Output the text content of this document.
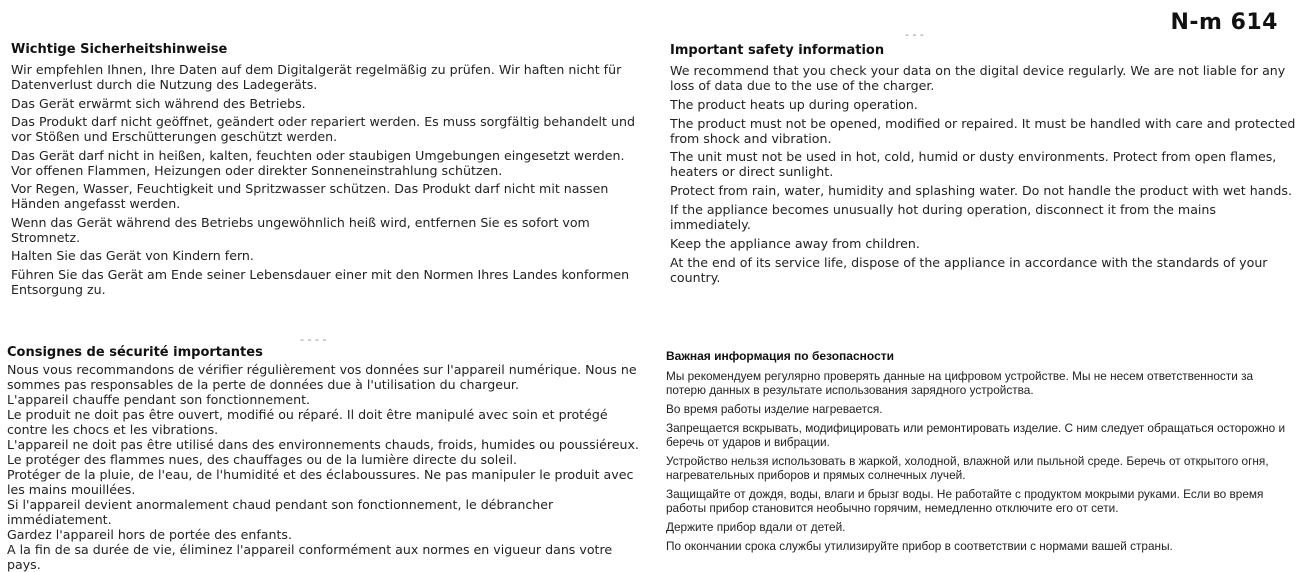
N-m 614
- - -
- - - -
Wichtige Sicherheitshinweise

Wir empfehlen Ihnen, Ihre Daten auf dem Digitalgerät regelmäßig zu prüfen. Wir haften nicht für Datenverlust durch die Nutzung des Ladegeräts.

Das Gerät erwärmt sich während des Betriebs.

Das Produkt darf nicht geöffnet, geändert oder repariert werden. Es muss sorgfältig behandelt und vor Stößen und Erschütterungen geschützt werden.

Das Gerät darf nicht in heißen, kalten, feuchten oder staubigen Umgebungen eingesetzt werden. Vor offenen Flammen, Heizungen oder direkter Sonneneinstrahlung schützen.

Vor Regen, Wasser, Feuchtigkeit und Spritzwasser schützen. Das Produkt darf nicht mit nassen Händen angefasst werden.

Wenn das Gerät während des Betriebs ungewöhnlich heiß wird, entfernen Sie es sofort vom Stromnetz.

Halten Sie das Gerät von Kindern fern.

Führen Sie das Gerät am Ende seiner Lebensdauer einer mit den Normen Ihres Landes konformen Entsorgung zu.

Important safety information

We recommend that you check your data on the digital device regularly. We are not liable for any loss of data due to the use of the charger.

The product heats up during operation.

The product must not be opened, modified or repaired. It must be handled with care and protected from shock and vibration.

The unit must not be used in hot, cold, humid or dusty environments. Protect from open flames, heaters or direct sunlight.

Protect from rain, water, humidity and splashing water. Do not handle the product with wet hands.

If the appliance becomes unusually hot during operation, disconnect it from the mains immediately.

Keep the appliance away from children.

At the end of its service life, dispose of the appliance in accordance with the standards of your country.

Consignes de sécurité importantes

Nous vous recommandons de vérifier régulièrement vos données sur l'appareil numérique. Nous ne sommes pas responsables de la perte de données due à l'utilisation du chargeur.

L'appareil chauffe pendant son fonctionnement.

Le produit ne doit pas être ouvert, modifié ou réparé. Il doit être manipulé avec soin et protégé contre les chocs et les vibrations.

L'appareil ne doit pas être utilisé dans des environnements chauds, froids, humides ou poussiéreux. Le protéger des flammes nues, des chauffages ou de la lumière directe du soleil.

Protéger de la pluie, de l'eau, de l'humidité et des éclaboussures. Ne pas manipuler le produit avec les mains mouillées.

Si l'appareil devient anormalement chaud pendant son fonctionnement, le débrancher immédiatement.

Gardez l'appareil hors de portée des enfants.

A la fin de sa durée de vie, éliminez l'appareil conformément aux normes en vigueur dans votre pays.

Важная информация по безопасности

Мы рекомендуем регулярно проверять данные на цифровом устройстве. Мы не несем ответственности за потерю данных в результате использования зарядного устройства.

Во время работы изделие нагревается.

Запрещается вскрывать, модифицировать или ремонтировать изделие. С ним следует обращаться осторожно и беречь от ударов и вибрации.

Устройство нельзя использовать в жаркой, холодной, влажной или пыльной среде. Беречь от открытого огня, нагревательных приборов и прямых солнечных лучей.

Защищайте от дождя, воды, влаги и брызг воды. Не работайте с продуктом мокрыми руками. Если во время работы прибор становится необычно горячим, немедленно отключите его от сети.

Держите прибор вдали от детей.

По окончании срока службы утилизируйте прибор в соответствии с нормами вашей страны.
